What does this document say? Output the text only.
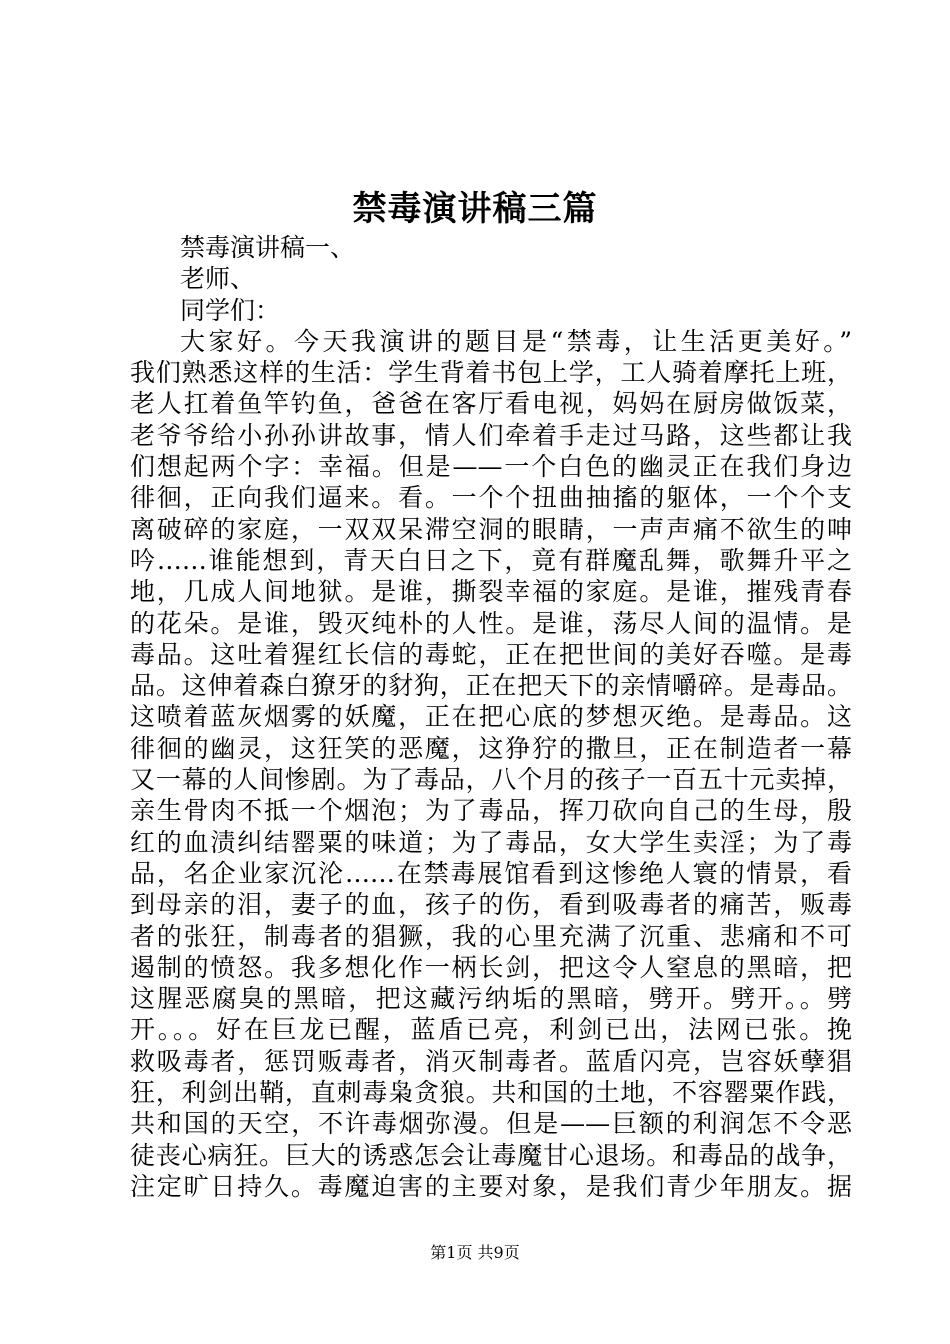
禁毒演讲稿三篇
禁毒演讲稿一、
老师、
同学们：
大家好。今天我演讲的题目是“禁毒，让生活更美好。”
我们熟悉这样的生活：学生背着书包上学，工人骑着摩托上班，
老人扛着鱼竿钓鱼，爸爸在客厅看电视，妈妈在厨房做饭菜，
老爷爷给小孙孙讲故事，情人们牵着手走过马路，这些都让我
们想起两个字：幸福。但是——一个白色的幽灵正在我们身边
徘徊，正向我们逼来。看。一个个扭曲抽搐的躯体，一个个支
离破碎的家庭，一双双呆滞空洞的眼睛，一声声痛不欲生的呻
吟……谁能想到，青天白日之下，竟有群魔乱舞，歌舞升平之
地，几成人间地狱。是谁，撕裂幸福的家庭。是谁，摧残青春
的花朵。是谁，毁灭纯朴的人性。是谁，荡尽人间的温情。是
毒品。这吐着猩红长信的毒蛇，正在把世间的美好吞噬。是毒
品。这伸着森白獠牙的豺狗，正在把天下的亲情嚼碎。是毒品。
这喷着蓝灰烟雾的妖魔，正在把心底的梦想灭绝。是毒品。这
徘徊的幽灵，这狂笑的恶魔，这狰狞的撒旦，正在制造者一幕
又一幕的人间惨剧。为了毒品，八个月的孩子一百五十元卖掉，
亲生骨肉不抵一个烟泡；为了毒品，挥刀砍向自己的生母，殷
红的血渍纠结罂粟的味道；为了毒品，女大学生卖淫；为了毒
品，名企业家沉沦……在禁毒展馆看到这惨绝人寰的情景，看
到母亲的泪，妻子的血，孩子的伤，看到吸毒者的痛苦，贩毒
者的张狂，制毒者的猖獗，我的心里充满了沉重、悲痛和不可
遏制的愤怒。我多想化作一柄长剑，把这令人窒息的黑暗，把
这腥恶腐臭的黑暗，把这藏污纳垢的黑暗，劈开。劈开。。劈
开。。。好在巨龙已醒，蓝盾已亮，利剑已出，法网已张。挽
救吸毒者，惩罚贩毒者，消灭制毒者。蓝盾闪亮，岂容妖孽猖
狂，利剑出鞘，直刺毒枭贪狼。共和国的土地，不容罂粟作践，
共和国的天空，不许毒烟弥漫。但是——巨额的利润怎不令恶
徒丧心病狂。巨大的诱惑怎会让毒魔甘心退场。和毒品的战争，
注定旷日持久。毒魔迫害的主要对象，是我们青少年朋友。据
第1页 共9页
